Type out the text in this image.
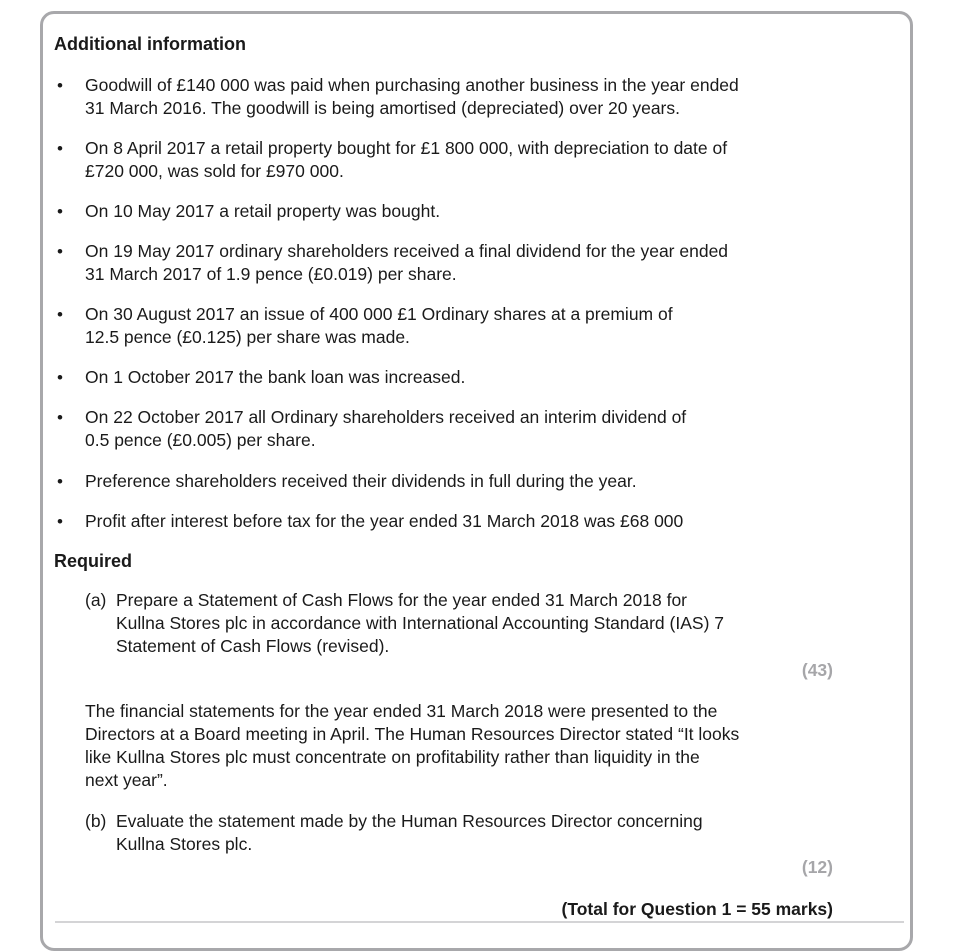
Additional information
• Goodwill of £140 000 was paid when purchasing another business in the year ended
31 March 2016. The goodwill is being amortised (depreciated) over 20 years.
• On 8 April 2017 a retail property bought for £1 800 000, with depreciation to date of
£720 000, was sold for £970 000.
• On 10 May 2017 a retail property was bought.
• On 19 May 2017 ordinary shareholders received a final dividend for the year ended
31 March 2017 of 1.9 pence (£0.019) per share.
• On 30 August 2017 an issue of 400 000 £1 Ordinary shares at a premium of
12.5 pence (£0.125) per share was made.
• On 1 October 2017 the bank loan was increased.
• On 22 October 2017 all Ordinary shareholders received an interim dividend of
0.5 pence (£0.005) per share.
• Preference shareholders received their dividends in full during the year.
• Profit after interest before tax for the year ended 31 March 2018 was £68 000
Required
(a) Prepare a Statement of Cash Flows for the year ended 31 March 2018 for
Kullna Stores plc in accordance with International Accounting Standard (IAS) 7
Statement of Cash Flows (revised).
(43)
The financial statements for the year ended 31 March 2018 were presented to the
Directors at a Board meeting in April. The Human Resources Director stated “It looks
like Kullna Stores plc must concentrate on profitability rather than liquidity in the
next year”.
(b) Evaluate the statement made by the Human Resources Director concerning
Kullna Stores plc.
(12)
(Total for Question 1 = 55 marks)
